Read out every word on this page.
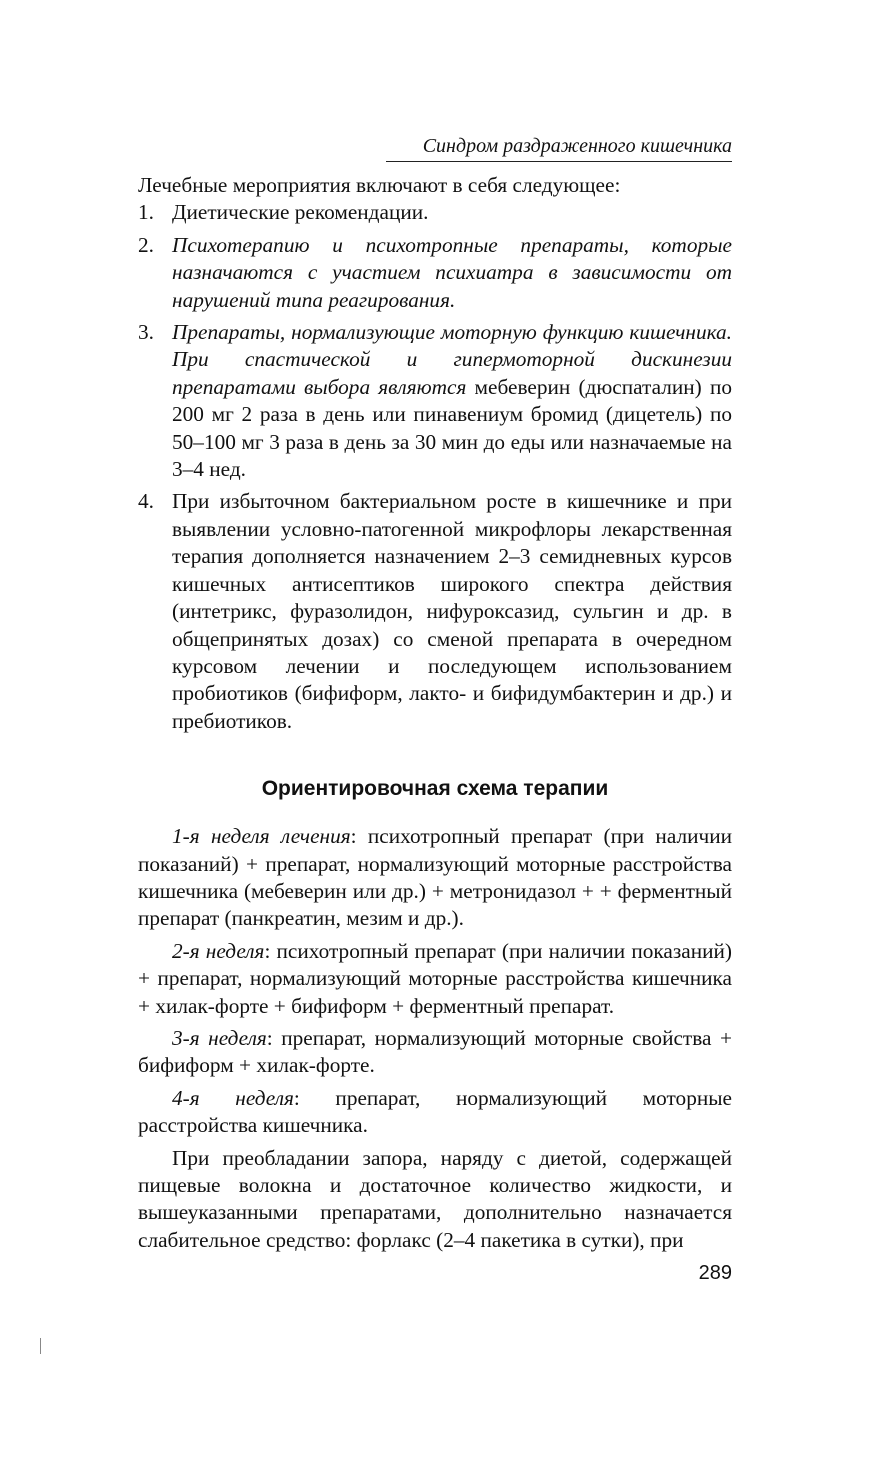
Синдром раздраженного кишечника

Лечебные мероприятия включают в себя следующее:

1. Диетические рекомендации.
2. Психотерапию и психотропные препараты, которые назначаются с участием психиатра в зависимости от нарушений типа реагирования.
3. Препараты, нормализующие моторную функцию кишечника. При спастической и гипермоторной дискинезии препаратами выбора являются мебеверин (дюспаталин) по 200 мг 2 раза в день или пинавениум бромид (дицетель) по 50–100 мг 3 раза в день за 30 мин до еды или назначаемые на 3–4 нед.
4. При избыточном бактериальном росте в кишечнике и при выявлении условно-патогенной микрофлоры лекарственная терапия дополняется назначением 2–3 семидневных курсов кишечных антисептиков широкого спектра действия (интетрикс, фуразолидон, нифуроксазид, сульгин и др. в общепринятых дозах) со сменой препарата в очередном курсовом лечении и последующем использованием пробиотиков (бифиформ, лакто- и бифидумбактерин и др.) и пребиотиков.
Ориентировочная схема терапии

1-я неделя лечения: психотропный препарат (при наличии показаний) + препарат, нормализующий моторные расстройства кишечника (мебеверин или др.) + метронидазол + + ферментный препарат (панкреатин, мезим и др.).

2-я неделя: психотропный препарат (при наличии показаний) + препарат, нормализующий моторные расстройства кишечника + хилак-форте + бифиформ + ферментный препарат.

3-я неделя: препарат, нормализующий моторные свойства + бифиформ + хилак-форте.

4-я неделя: препарат, нормализующий моторные расстройства кишечника.

При преобладании запора, наряду с диетой, содержащей пищевые волокна и достаточное количество жидкости, и вышеуказанными препаратами, дополнительно назначается слабительное средство: форлакс (2–4 пакетика в сутки), при

289
